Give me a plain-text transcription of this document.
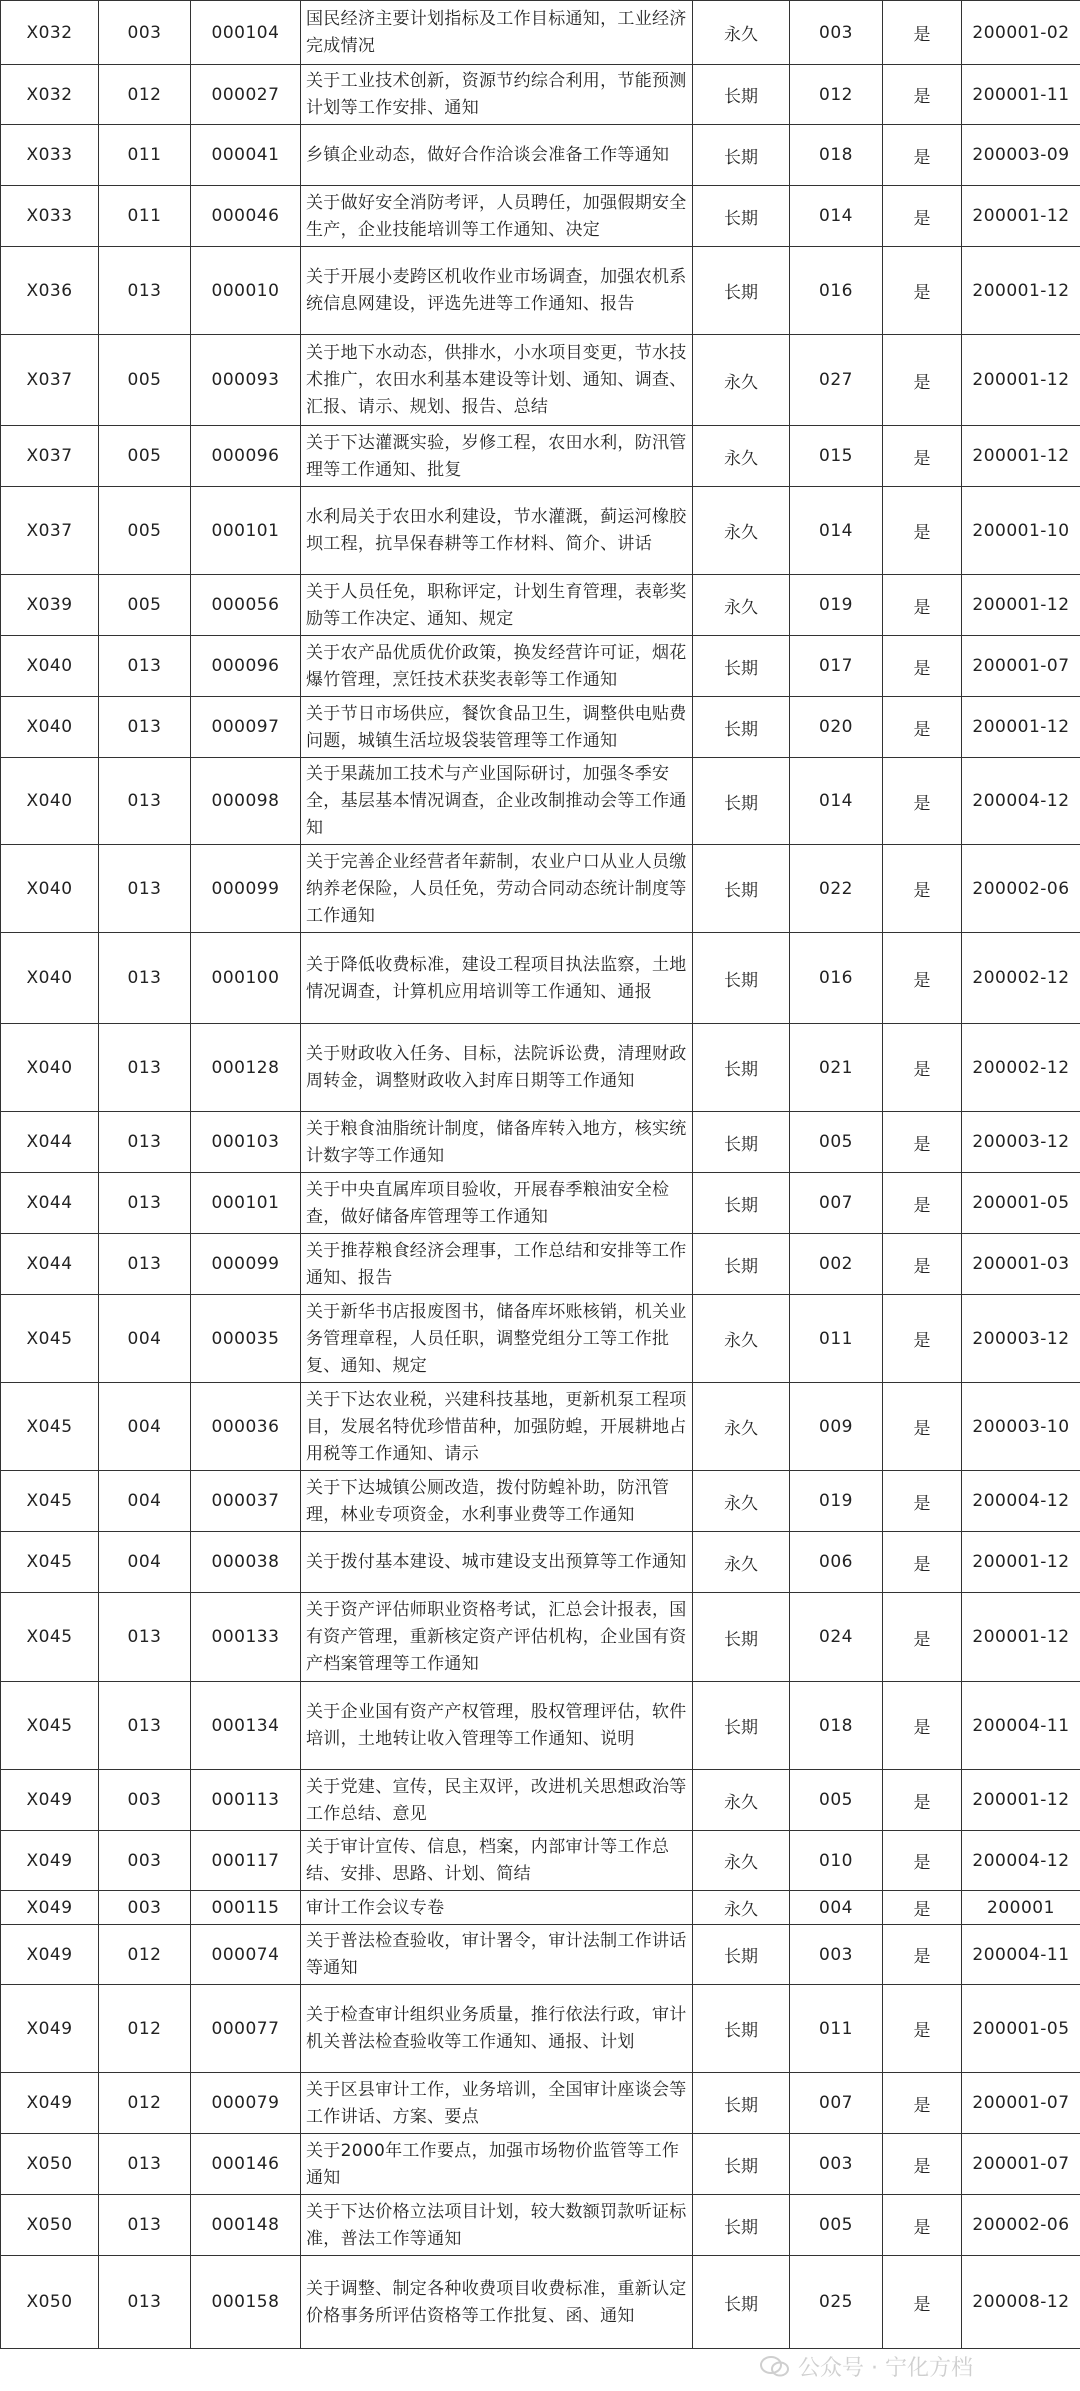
X032	003	000104	国民经济主要计划指标及工作目标通知，工业经济完成情况	永久	003	是	200001-02
X032	012	000027	关于工业技术创新，资源节约综合利用，节能预测计划等工作安排、通知	长期	012	是	200001-11
X033	011	000041	乡镇企业动态，做好合作洽谈会准备工作等通知	长期	018	是	200003-09
X033	011	000046	关于做好安全消防考评，人员聘任，加强假期安全生产，企业技能培训等工作通知、决定	长期	014	是	200001-12
X036	013	000010	关于开展小麦跨区机收作业市场调查，加强农机系统信息网建设，评选先进等工作通知、报告	长期	016	是	200001-12
X037	005	000093	关于地下水动态，供排水，小水项目变更，节水技术推广，农田水利基本建设等计划、通知、调查、汇报、请示、规划、报告、总结	永久	027	是	200001-12
X037	005	000096	关于下达灌溉实验，岁修工程，农田水利，防汛管理等工作通知、批复	永久	015	是	200001-12
X037	005	000101	水利局关于农田水利建设，节水灌溉，蓟运河橡胶坝工程，抗旱保春耕等工作材料、简介、讲话	永久	014	是	200001-10
X039	005	000056	关于人员任免，职称评定，计划生育管理，表彰奖励等工作决定、通知、规定	永久	019	是	200001-12
X040	013	000096	关于农产品优质优价政策，换发经营许可证，烟花爆竹管理，烹饪技术获奖表彰等工作通知	长期	017	是	200001-07
X040	013	000097	关于节日市场供应，餐饮食品卫生，调整供电贴费问题，城镇生活垃圾袋装管理等工作通知	长期	020	是	200001-12
X040	013	000098	关于果蔬加工技术与产业国际研讨，加强冬季安全，基层基本情况调查，企业改制推动会等工作通知	长期	014	是	200004-12
X040	013	000099	关于完善企业经营者年薪制，农业户口从业人员缴纳养老保险，人员任免，劳动合同动态统计制度等工作通知	长期	022	是	200002-06
X040	013	000100	关于降低收费标准，建设工程项目执法监察，土地情况调查，计算机应用培训等工作通知、通报	长期	016	是	200002-12
X040	013	000128	关于财政收入任务、目标，法院诉讼费，清理财政周转金，调整财政收入封库日期等工作通知	长期	021	是	200002-12
X044	013	000103	关于粮食油脂统计制度，储备库转入地方，核实统计数字等工作通知	长期	005	是	200003-12
X044	013	000101	关于中央直属库项目验收，开展春季粮油安全检查，做好储备库管理等工作通知	长期	007	是	200001-05
X044	013	000099	关于推荐粮食经济会理事，工作总结和安排等工作通知、报告	长期	002	是	200001-03
X045	004	000035	关于新华书店报废图书，储备库坏账核销，机关业务管理章程，人员任职，调整党组分工等工作批复、通知、规定	永久	011	是	200003-12
X045	004	000036	关于下达农业税，兴建科技基地，更新机泵工程项目，发展名特优珍惜苗种，加强防蝗，开展耕地占用税等工作通知、请示	永久	009	是	200003-10
X045	004	000037	关于下达城镇公厕改造，拨付防蝗补助，防汛管理，林业专项资金，水利事业费等工作通知	永久	019	是	200004-12
X045	004	000038	关于拨付基本建设、城市建设支出预算等工作通知	永久	006	是	200001-12
X045	013	000133	关于资产评估师职业资格考试，汇总会计报表，国有资产管理，重新核定资产评估机构，企业国有资产档案管理等工作通知	长期	024	是	200001-12
X045	013	000134	关于企业国有资产产权管理，股权管理评估，软件培训，土地转让收入管理等工作通知、说明	长期	018	是	200004-11
X049	003	000113	关于党建、宣传，民主双评，改进机关思想政治等工作总结、意见	永久	005	是	200001-12
X049	003	000117	关于审计宣传、信息，档案，内部审计等工作总结、安排、思路、计划、简结	永久	010	是	200004-12
X049	003	000115	审计工作会议专卷	永久	004	是	200001
X049	012	000074	关于普法检查验收，审计署令，审计法制工作讲话等通知	长期	003	是	200004-11
X049	012	000077	关于检查审计组织业务质量，推行依法行政，审计机关普法检查验收等工作通知、通报、计划	长期	011	是	200001-05
X049	012	000079	关于区县审计工作，业务培训，全国审计座谈会等工作讲话、方案、要点	长期	007	是	200001-07
X050	013	000146	关于2000年工作要点，加强市场物价监管等工作通知	长期	003	是	200001-07
X050	013	000148	关于下达价格立法项目计划，较大数额罚款听证标准，普法工作等通知	长期	005	是	200002-06
X050	013	000158	关于调整、制定各种收费项目收费标准，重新认定价格事务所评估资格等工作批复、函、通知	长期	025	是	200008-12
公众号 · 宁化方档
